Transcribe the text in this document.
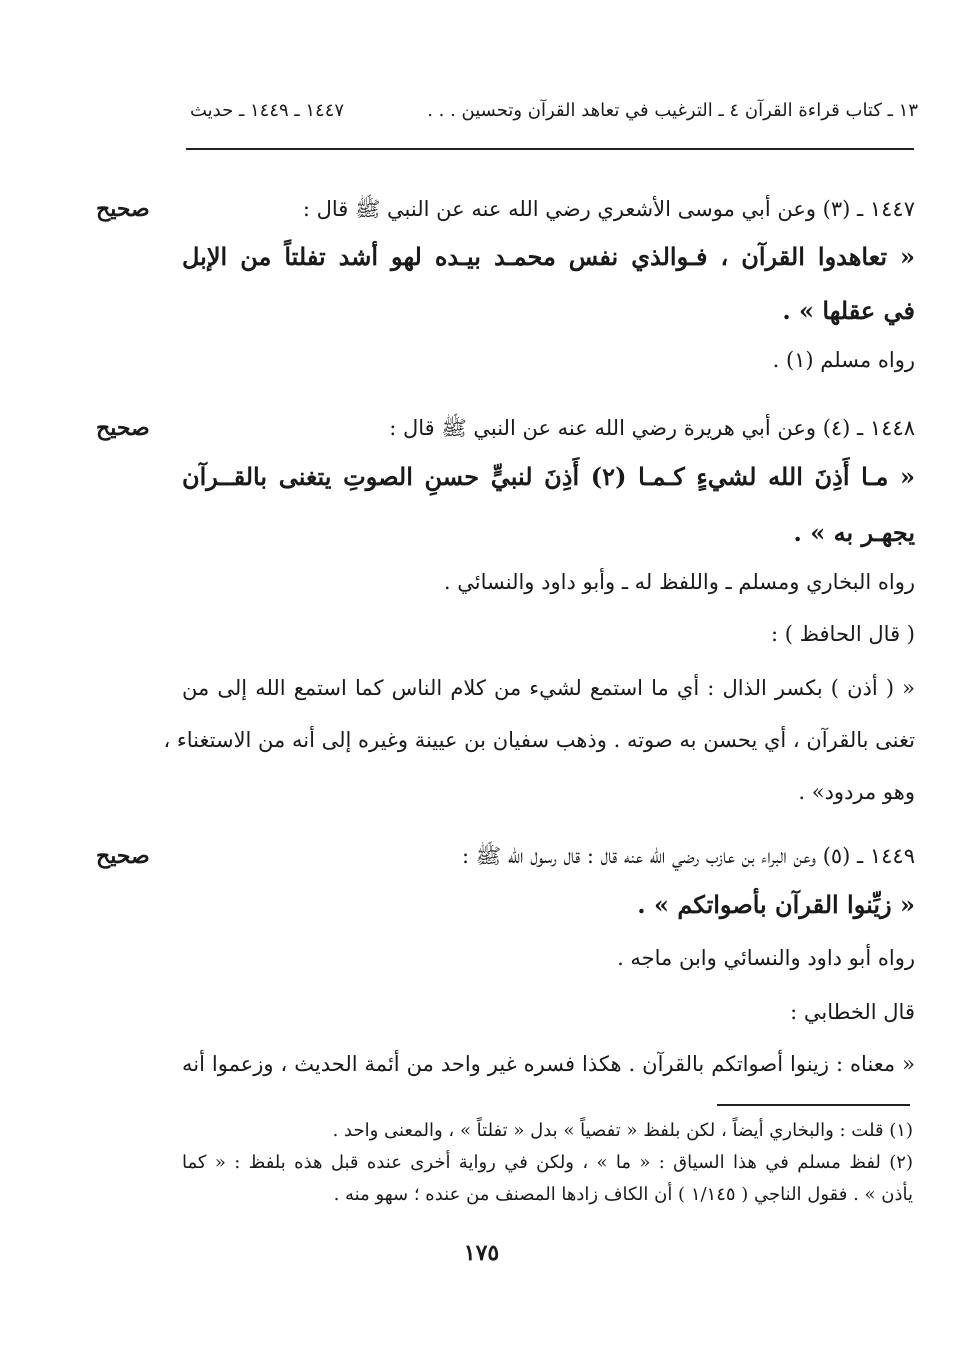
١٤٤٧ ـ ١٤٤٩ ـ حديث	١٣ ـ كتاب قراءة القرآن ٤ ـ الترغيب في تعاهد القرآن وتحسين . . .
صحيح	١٤٤٧ ـ (٣) وعن أبي موسى الأشعري رضي الله عنه عن النبي ﷺ قال :
« تعاهدوا القرآن ، فـوالذي نفس محمـد بيـده لهو أشد تفلتاً من الإبل
في عقلها » .
رواه مسلم (١) .
صحيح	١٤٤٨ ـ (٤) وعن أبي هريرة رضي الله عنه عن النبي ﷺ قال :
« مـا أَذِنَ الله لشيءٍ كـمـا (٢) أَذِنَ لنبيٍّ حسنِ الصوتِ يتغنى بالقــرآن
يجهـر به » .
رواه البخاري ومسلم ـ واللفظ له ـ وأبو داود والنسائي .
( قال الحافظ ) :
« ( أذن ) بكسر الذال : أي ما استمع لشيء من كلام الناس كما استمع الله إلى من
تغنى بالقرآن ، أي يحسن به صوته . وذهب سفيان بن عيينة وغيره إلى أنه من الاستغناء ،
وهو مردود» .
صحيح	١٤٤٩ ـ (٥) وعن البراء بن عازب رضي الله عنه قال : قال رسول الله ﷺ :
« زيِّنوا القرآن بأصواتكم » .
رواه أبو داود والنسائي وابن ماجه .
قال الخطابي :
« معناه : زينوا أصواتكم بالقرآن . هكذا فسره غير واحد من أئمة الحديث ، وزعموا أنه
(١) قلت : والبخاري أيضاً ، لكن بلفظ « تفصياً » بدل « تفلتاً » ، والمعنى واحد .
(٢) لفظ مسلم في هذا السياق : « ما » ، ولكن في رواية أخرى عنده قبل هذه بلفظ : « كما
يأذن » . فقول الناجي ( ١/١٤٥ ) أن الكاف زادها المصنف من عنده ؛ سهو منه .
١٧٥
